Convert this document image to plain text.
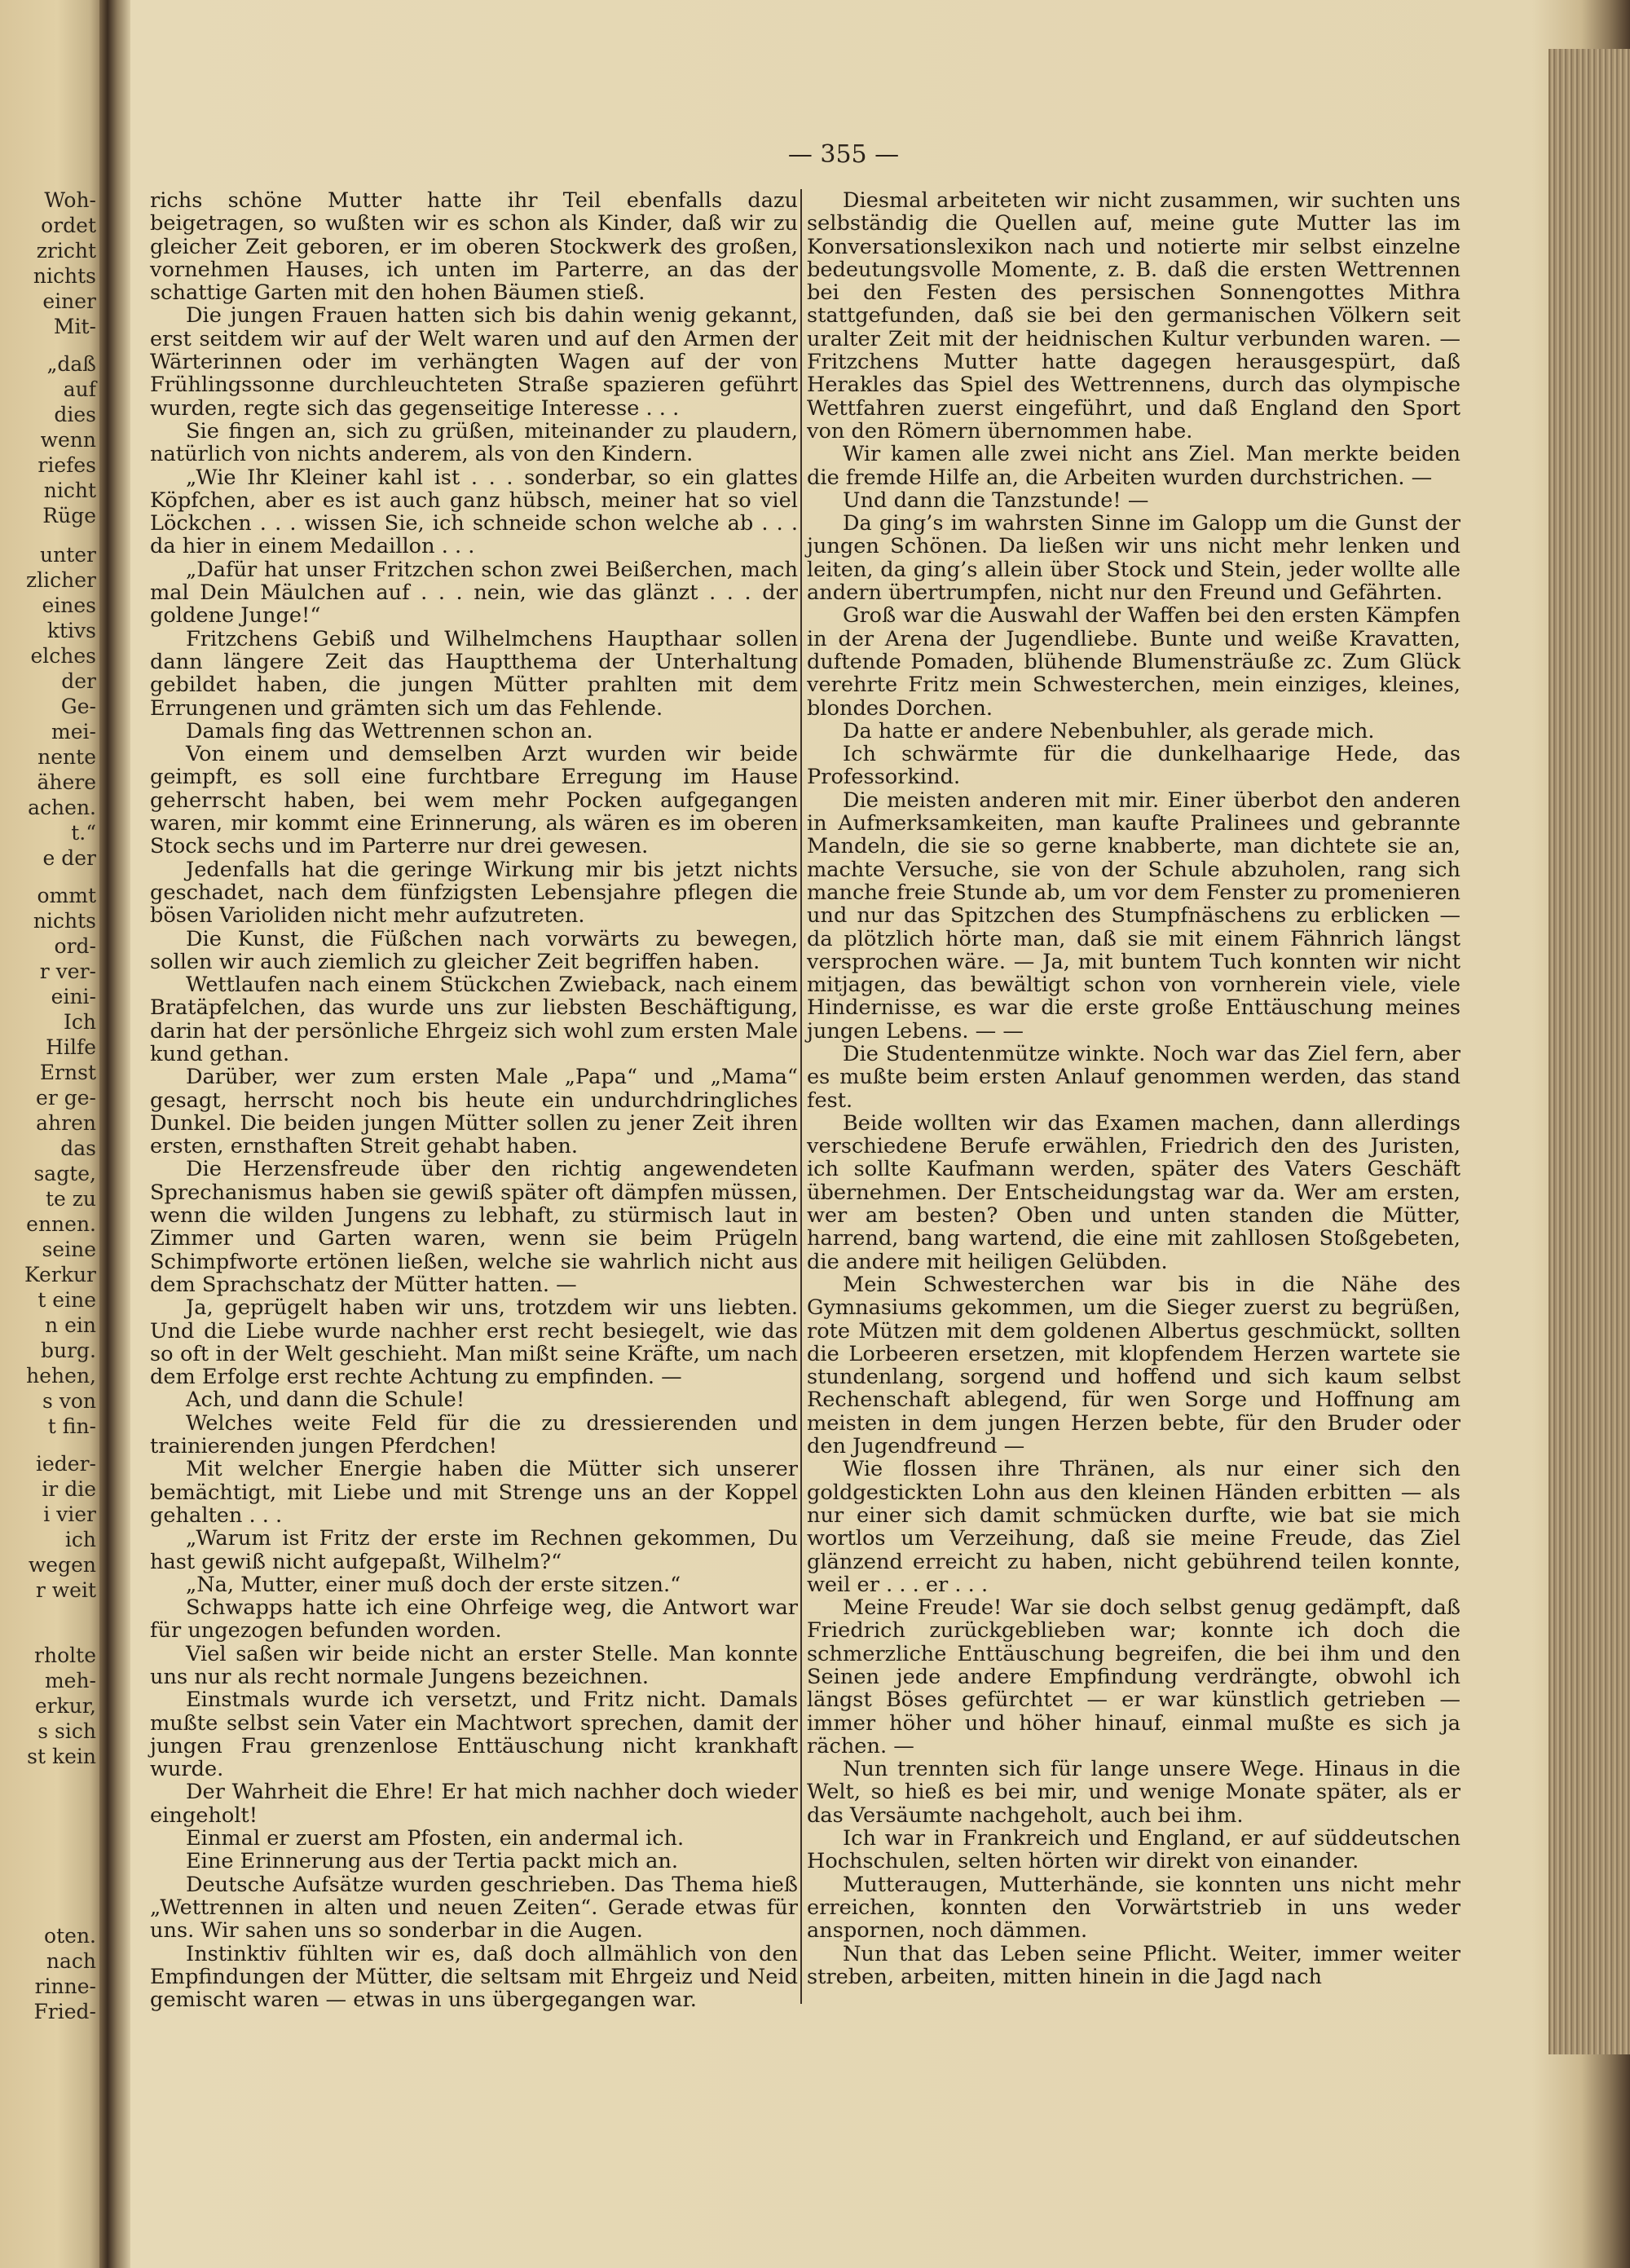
Woh-
ordet
zricht
nichts
einer
Mit-
„daß
auf
dies
wenn
riefes
nicht
Rüge
unter
zlicher
eines
ktivs
elches
der
Ge-
mei-
nente
ähere
achen.
t.“
e der
ommt
nichts
ord-
r ver-
eini-
Ich
Hilfe
Ernst
er ge-
ahren
das
sagte,
te zu
ennen.
seine
Kerkur
t eine
n ein
burg.
hehen,
s von
t fin-
ieder-
ir die
i vier
ich
wegen
r weit
rholte
meh-
erkur,
s sich
st kein
oten.
nach
rinne-
Fried-
— 355 —

richs schöne Mutter hatte ihr Teil ebenfalls dazu beigetragen, so wußten wir es schon als Kinder, daß wir zu gleicher Zeit geboren, er im oberen Stockwerk des großen, vornehmen Hauses, ich unten im Parterre, an das der schattige Garten mit den hohen Bäumen stieß.

Die jungen Frauen hatten sich bis dahin wenig gekannt, erst seitdem wir auf der Welt waren und auf den Armen der Wärterinnen oder im verhängten Wagen auf der von Frühlingssonne durchleuchteten Straße spazieren geführt wurden, regte sich das gegenseitige Interesse . . .

Sie fingen an, sich zu grüßen, miteinander zu plaudern, natürlich von nichts anderem, als von den Kindern.

„Wie Ihr Kleiner kahl ist . . . sonderbar, so ein glattes Köpfchen, aber es ist auch ganz hübsch, meiner hat so viel Löckchen . . . wissen Sie, ich schneide schon welche ab . . . da hier in einem Medaillon . . .

„Dafür hat unser Fritzchen schon zwei Beißerchen, mach mal Dein Mäulchen auf . . . nein, wie das glänzt . . . der goldene Junge!“

Fritzchens Gebiß und Wilhelmchens Haupthaar sollen dann längere Zeit das Hauptthema der Unterhaltung gebildet haben, die jungen Mütter prahlten mit dem Errungenen und grämten sich um das Fehlende.

Damals fing das Wettrennen schon an.

Von einem und demselben Arzt wurden wir beide geimpft, es soll eine furchtbare Erregung im Hause geherrscht haben, bei wem mehr Pocken aufgegangen waren, mir kommt eine Erinnerung, als wären es im oberen Stock sechs und im Parterre nur drei gewesen.

Jedenfalls hat die geringe Wirkung mir bis jetzt nichts geschadet, nach dem fünfzigsten Lebensjahre pflegen die bösen Varioliden nicht mehr aufzutreten.

Die Kunst, die Füßchen nach vorwärts zu bewegen, sollen wir auch ziemlich zu gleicher Zeit begriffen haben.

Wettlaufen nach einem Stückchen Zwieback, nach einem Bratäpfelchen, das wurde uns zur liebsten Beschäftigung, darin hat der persönliche Ehrgeiz sich wohl zum ersten Male kund gethan.

Darüber, wer zum ersten Male „Papa“ und „Mama“ gesagt, herrscht noch bis heute ein undurchdringliches Dunkel. Die beiden jungen Mütter sollen zu jener Zeit ihren ersten, ernsthaften Streit gehabt haben.

Die Herzensfreude über den richtig angewendeten Sprechanismus haben sie gewiß später oft dämpfen müssen, wenn die wilden Jungens zu lebhaft, zu stürmisch laut in Zimmer und Garten waren, wenn sie beim Prügeln Schimpfworte ertönen ließen, welche sie wahrlich nicht aus dem Sprachschatz der Mütter hatten. —

Ja, geprügelt haben wir uns, trotzdem wir uns liebten. Und die Liebe wurde nachher erst recht besiegelt, wie das so oft in der Welt geschieht. Man mißt seine Kräfte, um nach dem Erfolge erst rechte Achtung zu empfinden. —

Ach, und dann die Schule!

Welches weite Feld für die zu dressierenden und trainierenden jungen Pferdchen!

Mit welcher Energie haben die Mütter sich unserer bemächtigt, mit Liebe und mit Strenge uns an der Koppel gehalten . . .

„Warum ist Fritz der erste im Rechnen gekommen, Du hast gewiß nicht aufgepaßt, Wilhelm?“

„Na, Mutter, einer muß doch der erste sitzen.“

Schwapps hatte ich eine Ohrfeige weg, die Antwort war für ungezogen befunden worden.

Viel saßen wir beide nicht an erster Stelle. Man konnte uns nur als recht normale Jungens bezeichnen.

Einstmals wurde ich versetzt, und Fritz nicht. Damals mußte selbst sein Vater ein Machtwort sprechen, damit der jungen Frau grenzenlose Enttäuschung nicht krankhaft wurde.

Der Wahrheit die Ehre! Er hat mich nachher doch wieder eingeholt!

Einmal er zuerst am Pfosten, ein andermal ich.

Eine Erinnerung aus der Tertia packt mich an.

Deutsche Aufsätze wurden geschrieben. Das Thema hieß „Wettrennen in alten und neuen Zeiten“. Gerade etwas für uns. Wir sahen uns so sonderbar in die Augen.

Instinktiv fühlten wir es, daß doch allmählich von den Empfindungen der Mütter, die seltsam mit Ehrgeiz und Neid gemischt waren — etwas in uns übergegangen war.

Diesmal arbeiteten wir nicht zusammen, wir suchten uns selbständig die Quellen auf, meine gute Mutter las im Konversationslexikon nach und notierte mir selbst einzelne bedeutungsvolle Momente, z. B. daß die ersten Wettrennen bei den Festen des persischen Sonnengottes Mithra stattgefunden, daß sie bei den germanischen Völkern seit uralter Zeit mit der heidnischen Kultur verbunden waren. — Fritzchens Mutter hatte dagegen herausgespürt, daß Herakles das Spiel des Wettrennens, durch das olympische Wettfahren zuerst eingeführt, und daß England den Sport von den Römern übernommen habe.

Wir kamen alle zwei nicht ans Ziel. Man merkte beiden die fremde Hilfe an, die Arbeiten wurden durchstrichen. —

Und dann die Tanzstunde! —

Da ging’s im wahrsten Sinne im Galopp um die Gunst der jungen Schönen. Da ließen wir uns nicht mehr lenken und leiten, da ging’s allein über Stock und Stein, jeder wollte alle andern übertrumpfen, nicht nur den Freund und Gefährten.

Groß war die Auswahl der Waffen bei den ersten Kämpfen in der Arena der Jugendliebe. Bunte und weiße Kravatten, duftende Pomaden, blühende Blumensträuße zc. Zum Glück verehrte Fritz mein Schwesterchen, mein einziges, kleines, blondes Dorchen.

Da hatte er andere Nebenbuhler, als gerade mich.

Ich schwärmte für die dunkelhaarige Hede, das Professorkind.

Die meisten anderen mit mir. Einer überbot den anderen in Aufmerksamkeiten, man kaufte Pralinees und gebrannte Mandeln, die sie so gerne knabberte, man dichtete sie an, machte Versuche, sie von der Schule abzuholen, rang sich manche freie Stunde ab, um vor dem Fenster zu promenieren und nur das Spitzchen des Stumpfnäschens zu erblicken — da plötzlich hörte man, daß sie mit einem Fähnrich längst versprochen wäre. — Ja, mit buntem Tuch konnten wir nicht mitjagen, das bewältigt schon von vornherein viele, viele Hindernisse, es war die erste große Enttäuschung meines jungen Lebens. — —

Die Studentenmütze winkte. Noch war das Ziel fern, aber es mußte beim ersten Anlauf genommen werden, das stand fest.

Beide wollten wir das Examen machen, dann allerdings verschiedene Berufe erwählen, Friedrich den des Juristen, ich sollte Kaufmann werden, später des Vaters Geschäft übernehmen. Der Entscheidungstag war da. Wer am ersten, wer am besten? Oben und unten standen die Mütter, harrend, bang wartend, die eine mit zahllosen Stoßgebeten, die andere mit heiligen Gelübden.

Mein Schwesterchen war bis in die Nähe des Gymnasiums gekommen, um die Sieger zuerst zu begrüßen, rote Mützen mit dem goldenen Albertus geschmückt, sollten die Lorbeeren ersetzen, mit klopfendem Herzen wartete sie stundenlang, sorgend und hoffend und sich kaum selbst Rechenschaft ablegend, für wen Sorge und Hoffnung am meisten in dem jungen Herzen bebte, für den Bruder oder den Jugendfreund —

Wie flossen ihre Thränen, als nur einer sich den goldgestickten Lohn aus den kleinen Händen erbitten — als nur einer sich damit schmücken durfte, wie bat sie mich wortlos um Verzeihung, daß sie meine Freude, das Ziel glänzend erreicht zu haben, nicht gebührend teilen konnte, weil er . . . er . . .

Meine Freude! War sie doch selbst genug gedämpft, daß Friedrich zurückgeblieben war; konnte ich doch die schmerzliche Enttäuschung begreifen, die bei ihm und den Seinen jede andere Empfindung verdrängte, obwohl ich längst Böses gefürchtet — er war künstlich getrieben — immer höher und höher hinauf, einmal mußte es sich ja rächen. —

Nun trennten sich für lange unsere Wege. Hinaus in die Welt, so hieß es bei mir, und wenige Monate später, als er das Versäumte nachgeholt, auch bei ihm.

Ich war in Frankreich und England, er auf süddeutschen Hochschulen, selten hörten wir direkt von einander.

Mutteraugen, Mutterhände, sie konnten uns nicht mehr erreichen, konnten den Vorwärtstrieb in uns weder anspornen, noch dämmen.

Nun that das Leben seine Pflicht. Weiter, immer weiter streben, arbeiten, mitten hinein in die Jagd nach
